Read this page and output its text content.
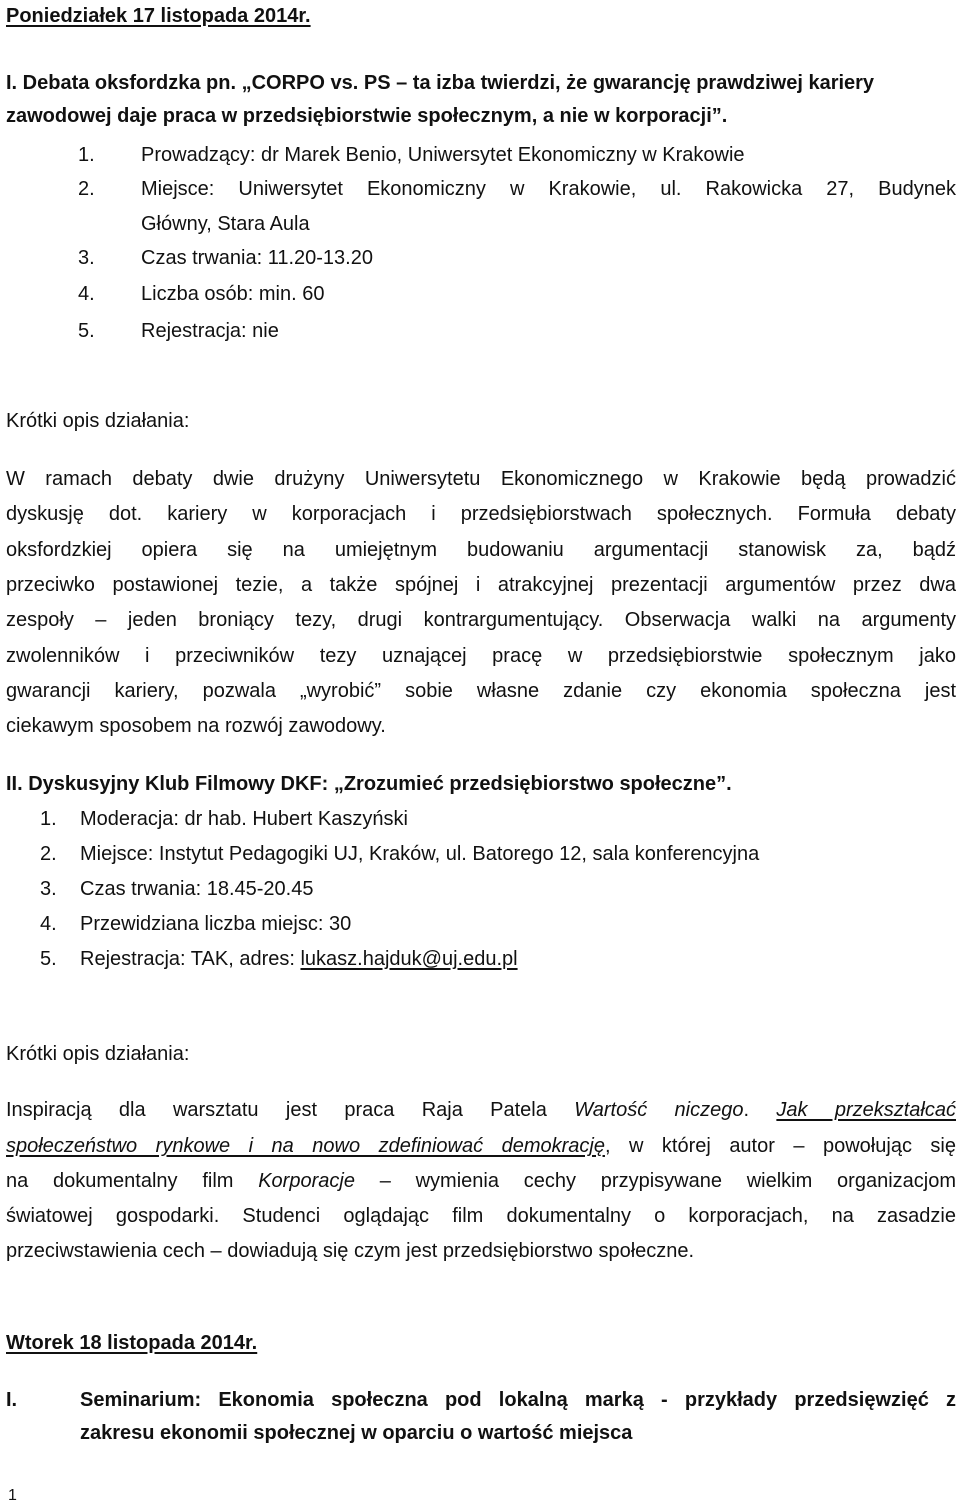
Poniedziałek 17 listopada 2014r.
I. Debata oksfordzka pn. „CORPO vs. PS – ta izba twierdzi, że gwarancję prawdziwej kariery
zawodowej daje praca w przedsiębiorstwie społecznym, a nie w korporacji”.
1. Prowadzący: dr Marek Benio, Uniwersytet Ekonomiczny w Krakowie
2. Miejsce: Uniwersytet Ekonomiczny w Krakowie, ul. Rakowicka 27, Budynek
Główny, Stara Aula
3. Czas trwania: 11.20-13.20
4. Liczba osób: min. 60
5. Rejestracja: nie
Krótki opis działania:
W ramach debaty dwie drużyny Uniwersytetu Ekonomicznego w Krakowie będą prowadzić
dyskusję dot. kariery w korporacjach i przedsiębiorstwach społecznych. Formuła debaty
oksfordzkiej opiera się na umiejętnym budowaniu argumentacji stanowisk za, bądź
przeciwko postawionej tezie, a także spójnej i atrakcyjnej prezentacji argumentów przez dwa
zespoły – jeden broniący tezy, drugi kontrargumentujący. Obserwacja walki na argumenty
zwolenników i przeciwników tezy uznającej pracę w przedsiębiorstwie społecznym jako
gwarancji kariery, pozwala „wyrobić” sobie własne zdanie czy ekonomia społeczna jest
ciekawym sposobem na rozwój zawodowy.
II. Dyskusyjny Klub Filmowy DKF: „Zrozumieć przedsiębiorstwo społeczne”.
1. Moderacja: dr hab. Hubert Kaszyński
2. Miejsce: Instytut Pedagogiki UJ, Kraków, ul. Batorego 12, sala konferencyjna
3. Czas trwania: 18.45-20.45
4. Przewidziana liczba miejsc: 30
5. Rejestracja: TAK, adres: lukasz.hajduk@uj.edu.pl
Krótki opis działania:
Inspiracją dla warsztatu jest praca Raja Patela Wartość niczego. Jak przekształcać
społeczeństwo rynkowe i na nowo zdefiniować demokrację, w której autor – powołując się
na dokumentalny film Korporacje – wymienia cechy przypisywane wielkim organizacjom
światowej gospodarki. Studenci oglądając film dokumentalny o korporacjach, na zasadzie
przeciwstawienia cech – dowiadują się czym jest przedsiębiorstwo społeczne.
Wtorek 18 listopada 2014r.
I.	Seminarium: Ekonomia społeczna pod lokalną marką - przykłady przedsięwzięć z
zakresu ekonomii społecznej w oparciu o wartość miejsca
1
